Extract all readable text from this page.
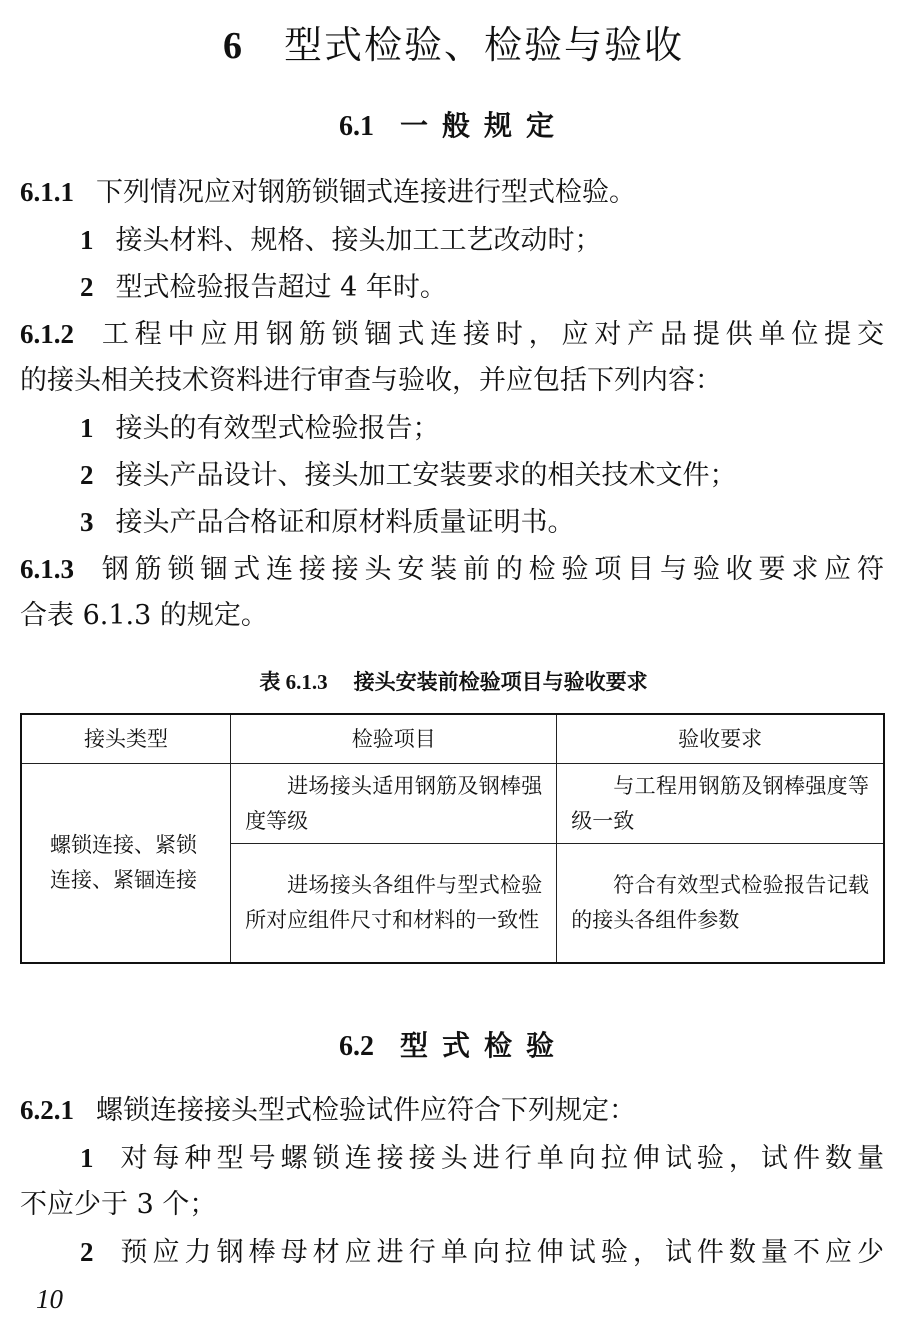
6 型式检验、检验与验收
6.1 一般规定
6.1.1 下列情况应对钢筋锁锢式连接进行型式检验。
1 接头材料、规格、接头加工工艺改动时；
2 型式检验报告超过 4 年时。
6.1.2 工程中应用钢筋锁锢式连接时，应对产品提供单位提交
的接头相关技术资料进行审查与验收，并应包括下列内容：
1 接头的有效型式检验报告；
2 接头产品设计、接头加工安装要求的相关技术文件；
3 接头产品合格证和原材料质量证明书。
6.1.3 钢筋锁锢式连接接头安装前的检验项目与验收要求应符
合表 6.1.3 的规定。
表 6.1.3 接头安装前检验项目与验收要求
接头类型	检验项目	验收要求
螺锁连接、紧锁连接、紧锢连接	进场接头适用钢筋及钢棒强度等级	与工程用钢筋及钢棒强度等级一致
	进场接头各组件与型式检验所对应组件尺寸和材料的一致性	符合有效型式检验报告记载的接头各组件参数
6.2 型式检验
6.2.1 螺锁连接接头型式检验试件应符合下列规定：
1 对每种型号螺锁连接接头进行单向拉伸试验，试件数量
不应少于 3 个；
2 预应力钢棒母材应进行单向拉伸试验，试件数量不应少
10
